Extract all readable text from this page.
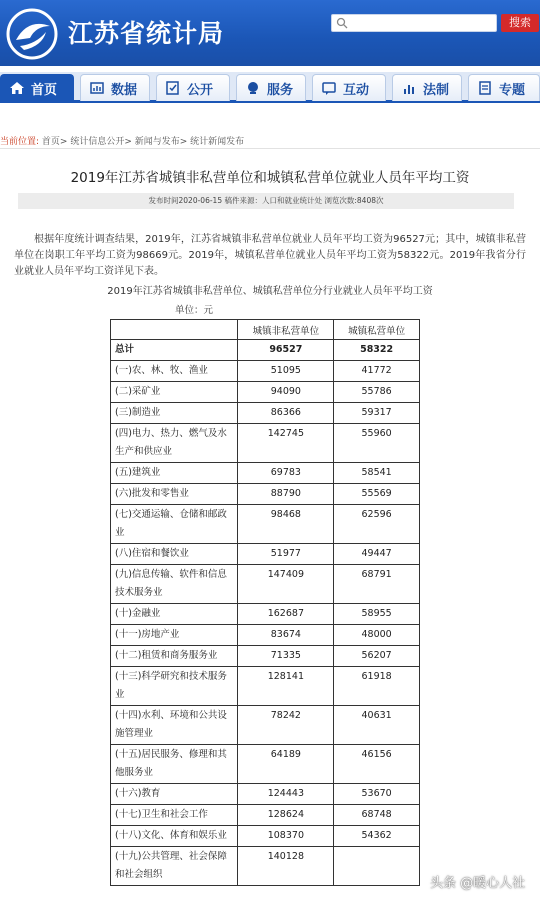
江苏省统计局	搜索
首页	数据	公开	服务	互动	法制	专题
当前位置: 首页> 统计信息公开> 新闻与发布> 统计新闻发布
2019年江苏省城镇非私营单位和城镇私营单位就业人员年平均工资
发布时间2020-06-15 稿件来源：人口和就业统计处 浏览次数:8408次
根据年度统计调查结果，2019年，江苏省城镇非私营单位就业人员年平均工资为96527元；其中，城镇非私营单位在岗职工年平均工资为98669元。2019年，城镇私营单位就业人员年平均工资为58322元。2019年我省分行业就业人员年平均工资详见下表。
2019年江苏省城镇非私营单位、城镇私营单位分行业就业人员年平均工资
单位：元
	城镇非私营单位	城镇私营单位
总计	96527	58322
(一)农、林、牧、渔业	51095	41772
(二)采矿业	94090	55786
(三)制造业	86366	59317
(四)电力、热力、燃气及水生产和供应业	142745	55960
(五)建筑业	69783	58541
(六)批发和零售业	88790	55569
(七)交通运输、仓储和邮政业	98468	62596
(八)住宿和餐饮业	51977	49447
(九)信息传输、软件和信息技术服务业	147409	68791
(十)金融业	162687	58955
(十一)房地产业	83674	48000
(十二)租赁和商务服务业	71335	56207
(十三)科学研究和技术服务业	128141	61918
(十四)水利、环境和公共设施管理业	78242	40631
(十五)居民服务、修理和其他服务业	64189	46156
(十六)教育	124443	53670
(十七)卫生和社会工作	128624	68748
(十八)文化、体育和娱乐业	108370	54362
(十九)公共管理、社会保障和社会组织	140128	
头条 @暖心人社
